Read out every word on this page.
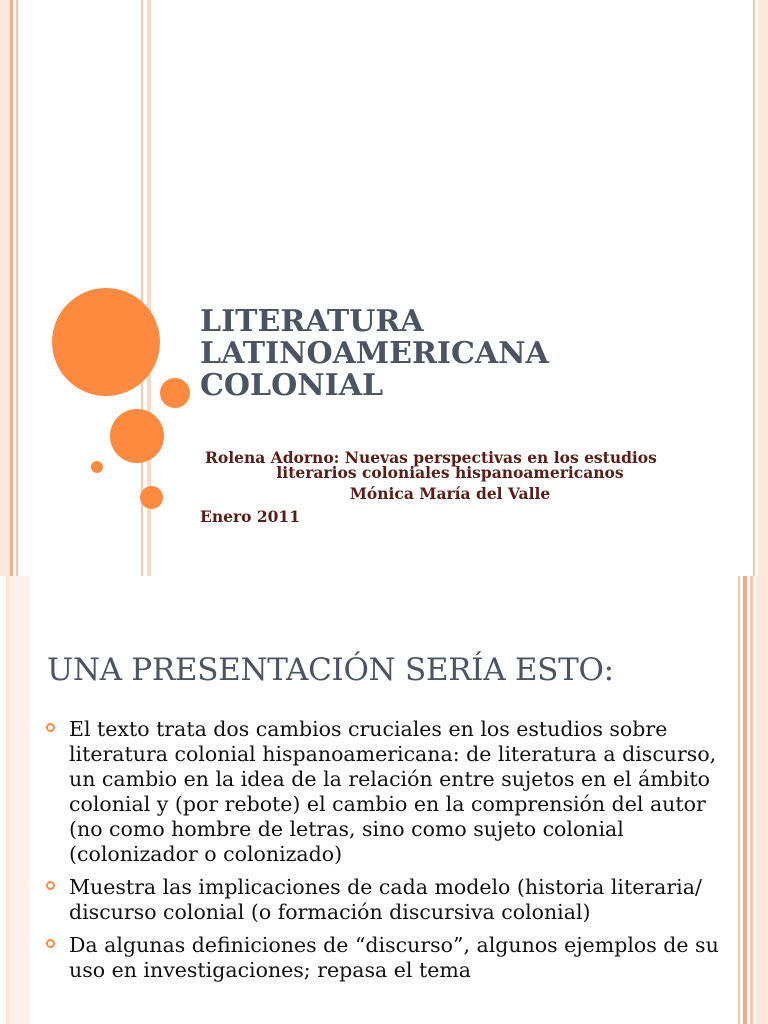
LITERATURA
LATINOAMERICANA
COLONIAL
Rolena Adorno: Nuevas perspectivas en los estudios
literarios coloniales hispanoamericanos
Mónica María del Valle
Enero 2011
UNA PRESENTACIÓN SERÍA ESTO:
El texto trata dos cambios cruciales en los estudios sobre literatura colonial hispanoamericana: de literatura a discurso, un cambio en la idea de la relación entre sujetos en el ámbito colonial y (por rebote) el cambio en la comprensión del autor (no como hombre de letras, sino como sujeto colonial (colonizador o colonizado)
Muestra las implicaciones de cada modelo (historia literaria/ discurso colonial (o formación discursiva colonial)
Da algunas definiciones de “discurso”, algunos ejemplos de su uso en investigaciones; repasa el tema
